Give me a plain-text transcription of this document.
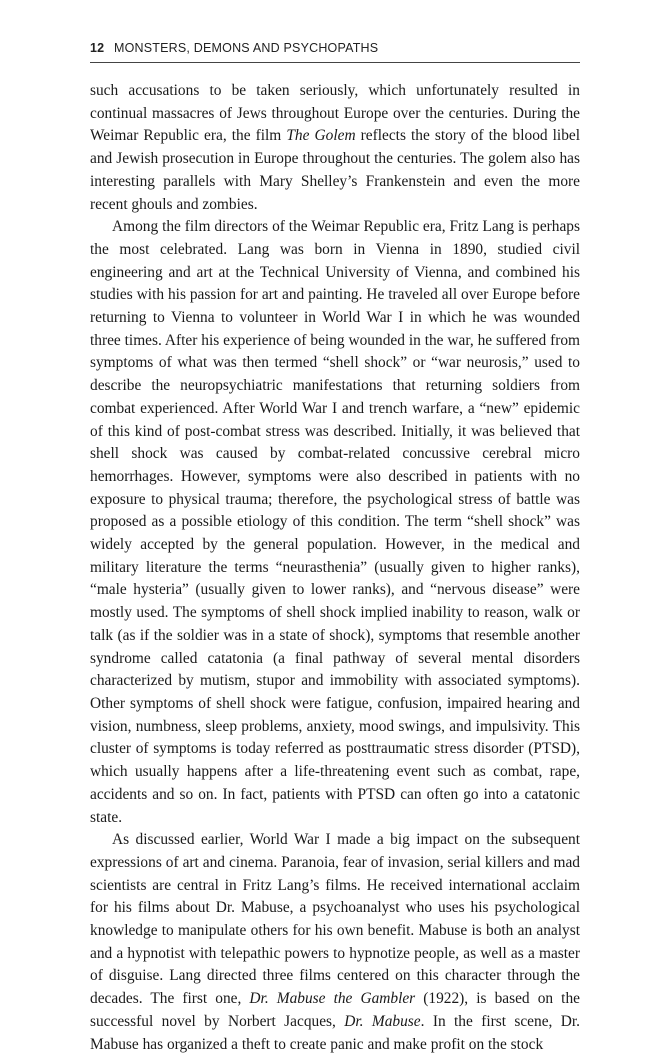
12 MONSTERS, DEMONS AND PSYCHOPATHS

such accusations to be taken seriously, which unfortunately resulted in continual massacres of Jews throughout Europe over the centuries. During the Weimar Republic era, the film The Golem reflects the story of the blood libel and Jewish prosecution in Europe throughout the centuries. The golem also has interesting parallels with Mary Shelley’s Frankenstein and even the more recent ghouls and zombies.

Among the film directors of the Weimar Republic era, Fritz Lang is perhaps the most celebrated. Lang was born in Vienna in 1890, studied civil engineering and art at the Technical University of Vienna, and combined his studies with his passion for art and painting. He traveled all over Europe before returning to Vienna to volunteer in World War I in which he was wounded three times. After his experience of being wounded in the war, he suffered from symptoms of what was then termed “shell shock” or “war neurosis,” used to describe the neuropsychiatric manifestations that returning soldiers from combat experienced. After World War I and trench warfare, a “new” epidemic of this kind of post-combat stress was described. Initially, it was believed that shell shock was caused by combat-related concussive cerebral micro hemorrhages. However, symptoms were also described in patients with no exposure to physical trauma; therefore, the psychological stress of battle was proposed as a possible etiology of this condition. The term “shell shock” was widely accepted by the general population. However, in the medical and military literature the terms “neurasthenia” (usually given to higher ranks), “male hysteria” (usually given to lower ranks), and “nervous disease” were mostly used. The symptoms of shell shock implied inability to reason, walk or talk (as if the soldier was in a state of shock), symptoms that resemble another syndrome called catatonia (a final pathway of several mental disorders characterized by mutism, stupor and immobility with associated symptoms). Other symptoms of shell shock were fatigue, confusion, impaired hearing and vision, numbness, sleep problems, anxiety, mood swings, and impulsivity. This cluster of symptoms is today referred as posttraumatic stress disorder (PTSD), which usually happens after a life-threatening event such as combat, rape, accidents and so on. In fact, patients with PTSD can often go into a catatonic state.

As discussed earlier, World War I made a big impact on the subsequent expressions of art and cinema. Paranoia, fear of invasion, serial killers and mad scientists are central in Fritz Lang’s films. He received international acclaim for his films about Dr. Mabuse, a psychoanalyst who uses his psychological knowledge to manipulate others for his own benefit. Mabuse is both an analyst and a hypnotist with telepathic powers to hypnotize people, as well as a master of disguise. Lang directed three films centered on this character through the decades. The first one, Dr. Mabuse the Gambler (1922), is based on the successful novel by Norbert Jacques, Dr. Mabuse. In the first scene, Dr. Mabuse has organized a theft to create panic and make profit on the stock
